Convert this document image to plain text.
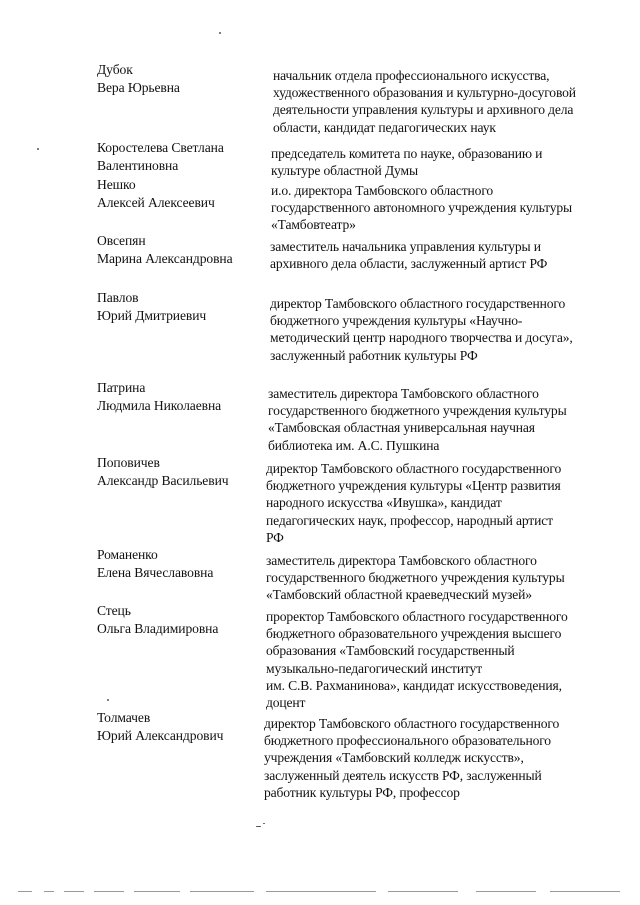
Дубок
Вера Юрьевна
начальник отдела профессионального искусства,
художественного образования и культурно-досуговой
деятельности управления культуры и архивного дела
области, кандидат педагогических наук
Коростелева Светлана
Валентиновна
председатель комитета по науке, образованию и
культуре областной Думы
Нешко
Алексей Алексеевич
и.о. директора Тамбовского областного
государственного автономного учреждения культуры
«Тамбовтеатр»
Овсепян
Марина Александровна
заместитель начальника управления культуры и
архивного дела области, заслуженный артист РФ
Павлов
Юрий Дмитриевич
директор Тамбовского областного государственного
бюджетного учреждения культуры «Научно-
методический центр народного творчества и досуга»,
заслуженный работник культуры РФ
Патрина
Людмила Николаевна
заместитель директора Тамбовского областного
государственного бюджетного учреждения культуры
«Тамбовская областная универсальная научная
библиотека им. А.С. Пушкина
Поповичев
Александр Васильевич
директор Тамбовского областного государственного
бюджетного учреждения культуры «Центр развития
народного искусства «Ивушка», кандидат
педагогических наук, профессор, народный артист
РФ
Романенко
Елена Вячеславовна
заместитель директора Тамбовского областного
государственного бюджетного учреждения культуры
«Тамбовский областной краеведческий музей»
Стець
Ольга Владимировна
проректор Тамбовского областного государственного
бюджетного образовательного учреждения высшего
образования «Тамбовский государственный
музыкально-педагогический институт
им. С.В. Рахманинова», кандидат искусствоведения,
доцент
Толмачев
Юрий Александрович
директор Тамбовского областного государственного
бюджетного профессионального образовательного
учреждения «Тамбовский колледж искусств»,
заслуженный деятель искусств РФ, заслуженный
работник культуры РФ, профессор
